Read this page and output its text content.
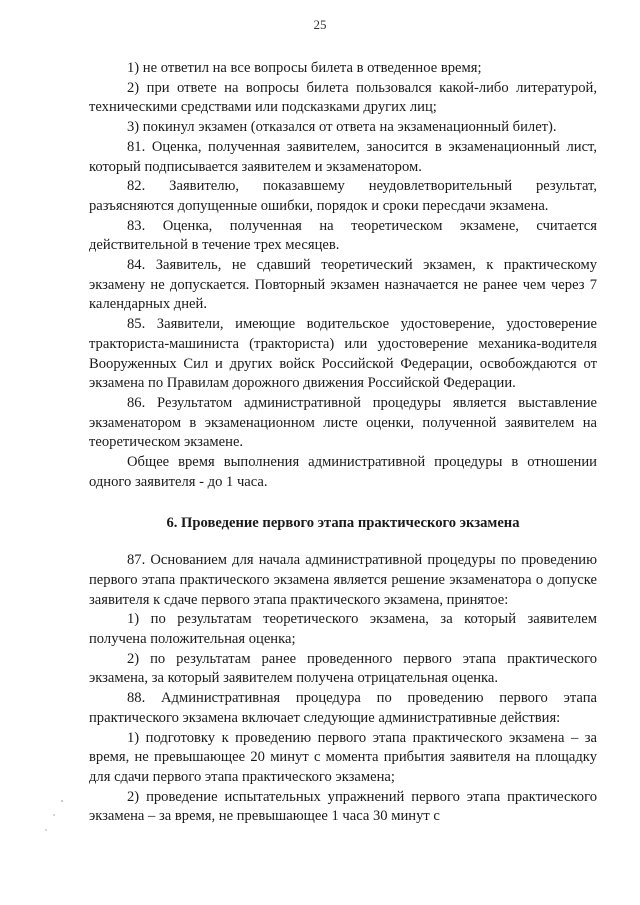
25

1) не ответил на все вопросы билета в отведенное время;

2) при ответе на вопросы билета пользовался какой-либо литературой, техническими средствами или подсказками других лиц;

3) покинул экзамен (отказался от ответа на экзаменационный билет).

81. Оценка, полученная заявителем, заносится в экзаменационный лист, который подписывается заявителем и экзаменатором.

82. Заявителю, показавшему неудовлетворительный результат, разъясняются допущенные ошибки, порядок и сроки пересдачи экзамена.

83. Оценка, полученная на теоретическом экзамене, считается действительной в течение трех месяцев.

84. Заявитель, не сдавший теоретический экзамен, к практическому экзамену не допускается. Повторный экзамен назначается не ранее чем через 7 календарных дней.

85. Заявители, имеющие водительское удостоверение, удостоверение тракториста-машиниста (тракториста) или удостоверение механика-водителя Вооруженных Сил и других войск Российской Федерации, освобождаются от экзамена по Правилам дорожного движения Российской Федерации.

86. Результатом административной процедуры является выставление экзаменатором в экзаменационном листе оценки, полученной заявителем на теоретическом экзамене.

Общее время выполнения административной процедуры в отношении одного заявителя - до 1 часа.

6. Проведение первого этапа практического экзамена

87. Основанием для начала административной процедуры по проведению первого этапа практического экзамена является решение экзаменатора о допуске заявителя к сдаче первого этапа практического экзамена, принятое:

1) по результатам теоретического экзамена, за который заявителем получена положительная оценка;

2) по результатам ранее проведенного первого этапа практического экзамена, за который заявителем получена отрицательная оценка.

88. Административная процедура по проведению первого этапа практического экзамена включает следующие административные действия:

1) подготовку к проведению первого этапа практического экзамена – за время, не превышающее 20 минут с момента прибытия заявителя на площадку для сдачи первого этапа практического экзамена;

2) проведение испытательных упражнений первого этапа практического экзамена – за время, не превышающее 1 часа 30 минут с
